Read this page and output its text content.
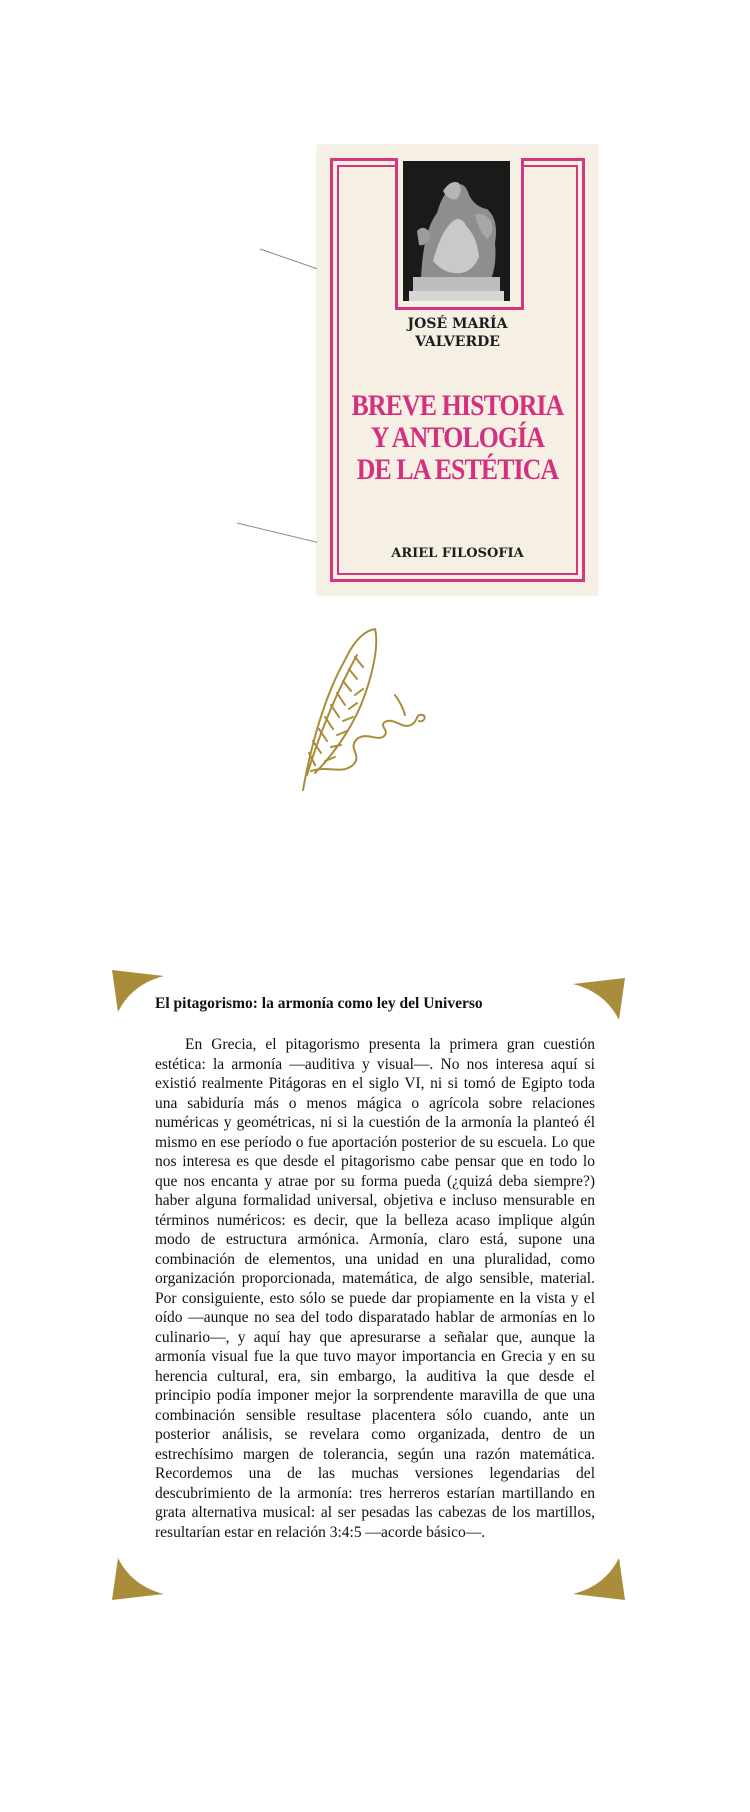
JOSÉ MARÍA
VALVERDE
BREVE HISTORIA
Y ANTOLOGÍA
DE LA ESTÉTICA
ARIEL FILOSOFIA
El pitagorismo: la armonía como ley del Universo

En Grecia, el pitagorismo presenta la primera gran cuestión estética: la armonía —auditiva y visual—. No nos interesa aquí si existió realmente Pitágoras en el siglo VI, ni si tomó de Egipto toda una sabiduría más o menos mágica o agrícola sobre relaciones numéricas y geométricas, ni si la cuestión de la armonía la planteó él mismo en ese período o fue aportación posterior de su escuela. Lo que nos interesa es que desde el pitagorismo cabe pensar que en todo lo que nos encanta y atrae por su forma pueda (¿quizá deba siempre?) haber alguna formalidad universal, objetiva e incluso mensurable en términos numéricos: es decir, que la belleza acaso implique algún modo de estructura armónica. Armonía, claro está, supone una combinación de elementos, una unidad en una pluralidad, como organización proporcionada, matemática, de algo sensible, material. Por consiguiente, esto sólo se puede dar propiamente en la vista y el oído —aunque no sea del todo disparatado hablar de armonías en lo culinario—, y aquí hay que apresurarse a señalar que, aunque la armonía visual fue la que tuvo mayor importancia en Grecia y en su herencia cultural, era, sin embargo, la auditiva la que desde el principio podía imponer mejor la sorprendente maravilla de que una combinación sensible resultase placentera sólo cuando, ante un posterior análisis, se revelara como organizada, dentro de un estrechísimo margen de tolerancia, según una razón matemática. Recordemos una de las muchas versiones legendarias del descubrimiento de la armonía: tres herreros estarían martillando en grata alternativa musical: al ser pesadas las cabezas de los martillos, resultarían estar en relación 3:4:5 —acorde básico—.
